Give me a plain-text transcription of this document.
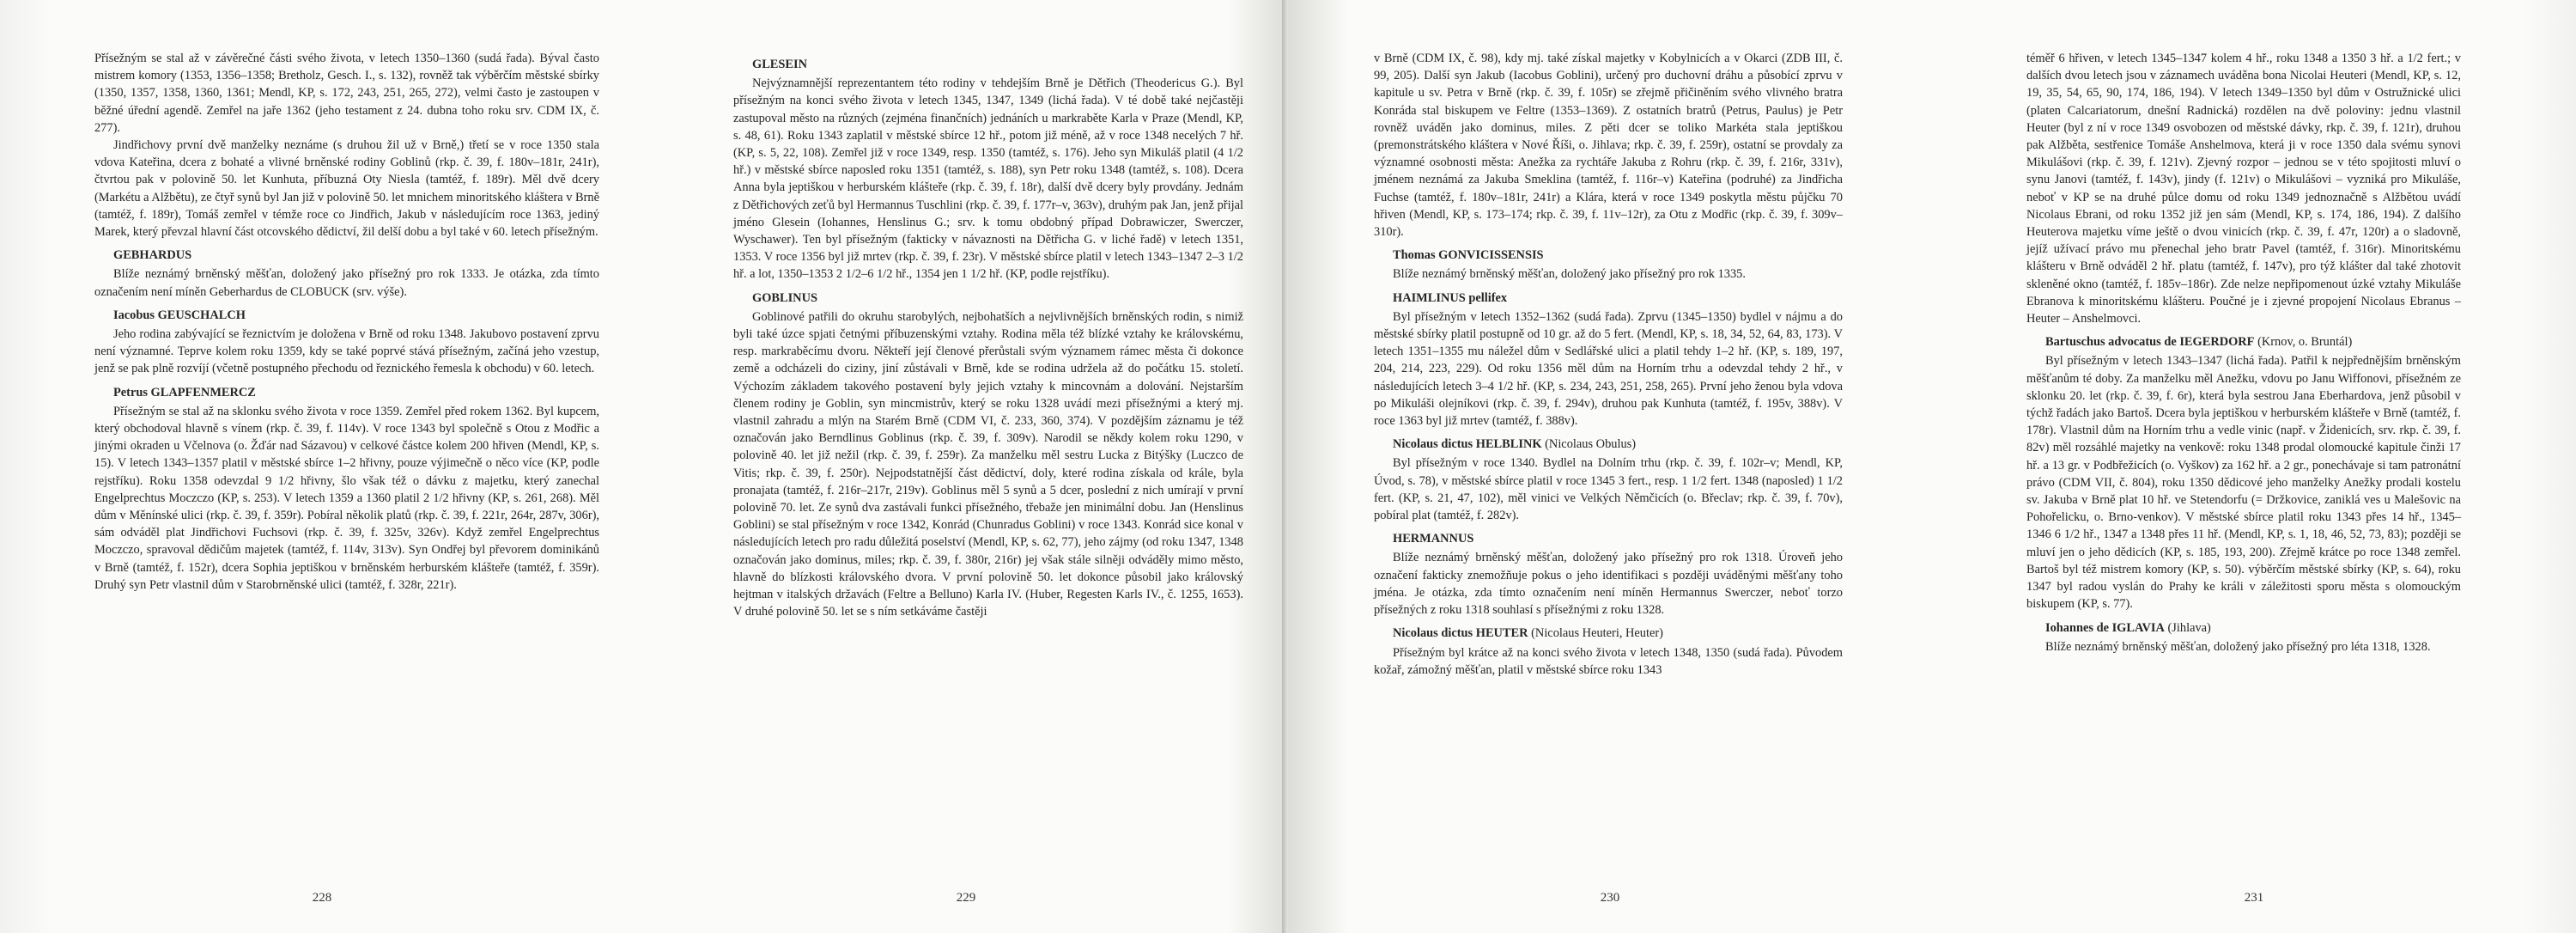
Přísežným se stal až v závěrečné části svého života, v letech 1350–1360 (sudá řada). Býval často mistrem komory (1353, 1356–1358; Bretholz, Gesch. I., s. 132), rovněž tak výběrčím městské sbírky (1350, 1357, 1358, 1360, 1361; Mendl, KP, s. 172, 243, 251, 265, 272), velmi často je zastoupen v běžné úřední agendě. Zemřel na jaře 1362 (jeho testament z 24. dubna toho roku srv. CDM IX, č. 277).

Jindřichovy první dvě manželky neznáme (s druhou žil už v Brně,) třetí se v roce 1350 stala vdova Kateřina, dcera z bohaté a vlivné brněnské rodiny Goblinů (rkp. č. 39, f. 180v–181r, 241r), čtvrtou pak v polovině 50. let Kunhuta, příbuzná Oty Niesla (tamtéž, f. 189r). Měl dvě dcery (Markétu a Alžbětu), ze čtyř synů byl Jan již v polovině 50. let mnichem minoritského kláštera v Brně (tamtéž, f. 189r), Tomáš zemřel v témže roce co Jindřich, Jakub v následujícím roce 1363, jediný Marek, který převzal hlavní část otcovského dědictví, žil delší dobu a byl také v 60. letech přísežným.

GEBHARDUS

Blíže neznámý brněnský měšťan, doložený jako přísežný pro rok 1333. Je otázka, zda tímto označením není míněn Geberhardus de CLOBUCK (srv. výše).

Iacobus GEUSCHALCH

Jeho rodina zabývající se řeznictvím je doložena v Brně od roku 1348. Jakubovo postavení zprvu není významné. Teprve kolem roku 1359, kdy se také poprvé stává přísežným, začíná jeho vzestup, jenž se pak plně rozvíjí (včetně postupného přechodu od řeznického řemesla k obchodu) v 60. letech.

Petrus GLAPFENMERCZ

Přísežným se stal až na sklonku svého života v roce 1359. Zemřel před rokem 1362. Byl kupcem, který obchodoval hlavně s vínem (rkp. č. 39, f. 114v). V roce 1343 byl společně s Otou z Modřic a jinými okraden u Včelnova (o. Žďár nad Sázavou) v celkové částce kolem 200 hřiven (Mendl, KP, s. 15). V letech 1343–1357 platil v městské sbírce 1–2 hřivny, pouze výjimečně o něco více (KP, podle rejstříku). Roku 1358 odevzdal 9 1/2 hřivny, šlo však též o dávku z majetku, který zanechal Engelprechtus Moczczo (KP, s. 253). V letech 1359 a 1360 platil 2 1/2 hřivny (KP, s. 261, 268). Měl dům v Měnínské ulici (rkp. č. 39, f. 359r). Pobíral několik platů (rkp. č. 39, f. 221r, 264r, 287v, 306r), sám odváděl plat Jindřichovi Fuchsovi (rkp. č. 39, f. 325v, 326v). Když zemřel Engelprechtus Moczczo, spravoval dědičům majetek (tamtéž, f. 114v, 313v). Syn Ondřej byl převorem dominikánů v Brně (tamtéž, f. 152r), dcera Sophia jeptiškou v brněnském herburském klášteře (tamtéž, f. 359r). Druhý syn Petr vlastnil dům v Starobrněnské ulici (tamtéž, f. 328r, 221r).

228
GLESEIN

Nejvýznamnější reprezentantem této rodiny v tehdejším Brně je Dětřich (Theodericus G.). Byl přísežným na konci svého života v letech 1345, 1347, 1349 (lichá řada). V té době také nejčastěji zastupoval město na různých (zejména finančních) jednáních u markraběte Karla v Praze (Mendl, KP, s. 48, 61). Roku 1343 zaplatil v městské sbírce 12 hř., potom již méně, až v roce 1348 necelých 7 hř. (KP, s. 5, 22, 108). Zemřel již v roce 1349, resp. 1350 (tamtéž, s. 176). Jeho syn Mikuláš platil (4 1/2 hř.) v městské sbírce naposled roku 1351 (tamtéž, s. 188), syn Petr roku 1348 (tamtéž, s. 108). Dcera Anna byla jeptiškou v herburském klášteře (rkp. č. 39, f. 18r), další dvě dcery byly provdány. Jednám z Dětřichových zeťů byl Hermannus Tuschlini (rkp. č. 39, f. 177r–v, 363v), druhým pak Jan, jenž přijal jméno Glesein (Iohannes, Henslinus G.; srv. k tomu obdobný případ Dobrawiczer, Swerczer, Wyschawer). Ten byl přísežným (fakticky v návaznosti na Dětřicha G. v liché řadě) v letech 1351, 1353. V roce 1356 byl již mrtev (rkp. č. 39, f. 23r). V městské sbírce platil v letech 1343–1347 2–3 1/2 hř. a lot, 1350–1353 2 1/2–6 1/2 hř., 1354 jen 1 1/2 hř. (KP, podle rejstříku).

GOBLINUS

Goblinové patřili do okruhu starobylých, nejbohatších a nejvlivnějších brněnských rodin, s nimiž byli také úzce spjati četnými příbuzenskými vztahy. Rodina měla též blízké vztahy ke královskému, resp. markraběcímu dvoru. Někteří její členové přerůstali svým významem rámec města či dokonce země a odcházeli do ciziny, jiní zůstávali v Brně, kde se rodina udržela až do počátku 15. století. Výchozím základem takového postavení byly jejich vztahy k mincovnám a dolování. Nejstarším členem rodiny je Goblin, syn mincmistrův, který se roku 1328 uvádí mezi přísežnými a který mj. vlastnil zahradu a mlýn na Starém Brně (CDM VI, č. 233, 360, 374). V pozdějším záznamu je též označován jako Berndlinus Goblinus (rkp. č. 39, f. 309v). Narodil se někdy kolem roku 1290, v polovině 40. let již nežil (rkp. č. 39, f. 259r). Za manželku měl sestru Lucka z Bitýšky (Luczco de Vitis; rkp. č. 39, f. 250r). Nejpodstatnější část dědictví, doly, které rodina získala od krále, byla pronajata (tamtéž, f. 216r–217r, 219v). Goblinus měl 5 synů a 5 dcer, poslední z nich umírají v první polovině 70. let. Ze synů dva zastávali funkci přísežného, třebaže jen minimální dobu. Jan (Henslinus Goblini) se stal přísežným v roce 1342, Konrád (Chunradus Goblini) v roce 1343. Konrád sice konal v následujících letech pro radu důležitá poselství (Mendl, KP, s. 62, 77), jeho zájmy (od roku 1347, 1348 označován jako dominus, miles; rkp. č. 39, f. 380r, 216r) jej však stále silněji odváděly mimo město, hlavně do blízkosti královského dvora. V první polovině 50. let dokonce působil jako královský hejtman v italských državách (Feltre a Belluno) Karla IV. (Huber, Regesten Karls IV., č. 1255, 1653). V druhé polovině 50. let se s ním setkáváme častěji

229

v Brně (CDM IX, č. 98), kdy mj. také získal majetky v Kobylnicích a v Okarci (ZDB III, č. 99, 205). Další syn Jakub (Iacobus Goblini), určený pro duchovní dráhu a působící zprvu v kapitule u sv. Petra v Brně (rkp. č. 39, f. 105r) se zřejmě přičiněním svého vlivného bratra Konráda stal biskupem ve Feltre (1353–1369). Z ostatních bratrů (Petrus, Paulus) je Petr rovněž uváděn jako dominus, miles. Z pěti dcer se toliko Markéta stala jeptiškou (premonstrátského kláštera v Nové Říši, o. Jihlava; rkp. č. 39, f. 259r), ostatní se provdaly za významné osobnosti města: Anežka za rychtáře Jakuba z Rohru (rkp. č. 39, f. 216r, 331v), jménem neznámá za Jakuba Smeklina (tamtéž, f. 116r–v) Kateřina (podruhé) za Jindřicha Fuchse (tamtéž, f. 180v–181r, 241r) a Klára, která v roce 1349 poskytla městu půjčku 70 hřiven (Mendl, KP, s. 173–174; rkp. č. 39, f. 11v–12r), za Otu z Modřic (rkp. č. 39, f. 309v–310r).

Thomas GONVICISSENSIS

Blíže neznámý brněnský měšťan, doložený jako přísežný pro rok 1335.

HAIMLINUS pellifex

Byl přísežným v letech 1352–1362 (sudá řada). Zprvu (1345–1350) bydlel v nájmu a do městské sbírky platil postupně od 10 gr. až do 5 fert. (Mendl, KP, s. 18, 34, 52, 64, 83, 173). V letech 1351–1355 mu náležel dům v Sedlářské ulici a platil tehdy 1–2 hř. (KP, s. 189, 197, 204, 214, 223, 229). Od roku 1356 měl dům na Horním trhu a odevzdal tehdy 2 hř., v následujících letech 3–4 1/2 hř. (KP, s. 234, 243, 251, 258, 265). První jeho ženou byla vdova po Mikuláši olejníkovi (rkp. č. 39, f. 294v), druhou pak Kunhuta (tamtéž, f. 195v, 388v). V roce 1363 byl již mrtev (tamtéž, f. 388v).

Nicolaus dictus HELBLINK (Nicolaus Obulus)

Byl přísežným v roce 1340. Bydlel na Dolním trhu (rkp. č. 39, f. 102r–v; Mendl, KP, Úvod, s. 78), v městské sbírce platil v roce 1345 3 fert., resp. 1 1/2 fert. 1348 (naposled) 1 1/2 fert. (KP, s. 21, 47, 102), měl vinici ve Velkých Němčicích (o. Břeclav; rkp. č. 39, f. 70v), pobíral plat (tamtéž, f. 282v).

HERMANNUS

Blíže neznámý brněnský měšťan, doložený jako přísežný pro rok 1318. Úroveň jeho označení fakticky znemožňuje pokus o jeho identifikaci s později uváděnými měšťany toho jména. Je otázka, zda tímto označením není míněn Hermannus Swerczer, neboť torzo přísežných z roku 1318 souhlasí s přísežnými z roku 1328.

Nicolaus dictus HEUTER (Nicolaus Heuteri, Heuter)

Přísežným byl krátce až na konci svého života v letech 1348, 1350 (sudá řada). Původem kožař, zámožný měšťan, platil v městské sbírce roku 1343

230

téměř 6 hřiven, v letech 1345–1347 kolem 4 hř., roku 1348 a 1350 3 hř. a 1/2 fert.; v dalších dvou letech jsou v záznamech uváděna bona Nicolai Heuteri (Mendl, KP, s. 12, 19, 35, 54, 65, 90, 174, 186, 194). V letech 1349–1350 byl dům v Ostružnické ulici (platen Calcariatorum, dnešní Radnická) rozdělen na dvě poloviny: jednu vlastnil Heuter (byl z ní v roce 1349 osvobozen od městské dávky, rkp. č. 39, f. 121r), druhou pak Alžběta, sestřenice Tomáše Anshelmova, která ji v roce 1350 dala svému synovi Mikulášovi (rkp. č. 39, f. 121v). Zjevný rozpor – jednou se v této spojitosti mluví o synu Janovi (tamtéž, f. 143v), jindy (f. 121v) o Mikulášovi – vyzniká pro Mikuláše, neboť v KP se na druhé půlce domu od roku 1349 jednoznačně s Alžbětou uvádí Nicolaus Ebrani, od roku 1352 již jen sám (Mendl, KP, s. 174, 186, 194). Z dalšího Heuterova majetku víme ještě o dvou vinicích (rkp. č. 39, f. 47r, 120r) a o sladovně, jejíž užívací právo mu přenechal jeho bratr Pavel (tamtéž, f. 316r). Minoritskému klášteru v Brně odváděl 2 hř. platu (tamtéž, f. 147v), pro týž klášter dal také zhotovit skleněné okno (tamtéž, f. 185v–186r). Zde nelze nepřipomenout úzké vztahy Mikuláše Ebranova k minoritskému klášteru. Poučné je i zjevné propojení Nicolaus Ebranus – Heuter – Anshelmovci.

Bartuschus advocatus de IEGERDORF (Krnov, o. Bruntál)

Byl přísežným v letech 1343–1347 (lichá řada). Patřil k nejpřednějším brněnským měšťanům té doby. Za manželku měl Anežku, vdovu po Janu Wiffonovi, přísežném ze sklonku 20. let (rkp. č. 39, f. 6r), která byla sestrou Jana Eberhardova, jenž působil v týchž řadách jako Bartoš. Dcera byla jeptiškou v herburském klášteře v Brně (tamtéž, f. 178r). Vlastnil dům na Horním trhu a vedle vinic (např. v Židenicích, srv. rkp. č. 39, f. 82v) měl rozsáhlé majetky na venkově: roku 1348 prodal olomoucké kapitule činži 17 hř. a 13 gr. v Podbřežicích (o. Vyškov) za 162 hř. a 2 gr., ponechávaje si tam patronátní právo (CDM VII, č. 804), roku 1350 dědicové jeho manželky Anežky prodali kostelu sv. Jakuba v Brně plat 10 hř. ve Stetendorfu (= Držkovice, zaniklá ves u Malešovic na Pohořelicku, o. Brno-venkov). V městské sbírce platil roku 1343 přes 14 hř., 1345–1346 6 1/2 hř., 1347 a 1348 přes 11 hř. (Mendl, KP, s. 1, 18, 46, 52, 73, 83); později se mluví jen o jeho dědicích (KP, s. 185, 193, 200). Zřejmě krátce po roce 1348 zemřel. Bartoš byl též mistrem komory (KP, s. 50). výběrčím městské sbírky (KP, s. 64), roku 1347 byl radou vyslán do Prahy ke králi v záležitosti sporu města s olomouckým biskupem (KP, s. 77).

Iohannes de IGLAVIA (Jihlava)

Blíže neznámý brněnský měšťan, doložený jako přísežný pro léta 1318, 1328.

231
